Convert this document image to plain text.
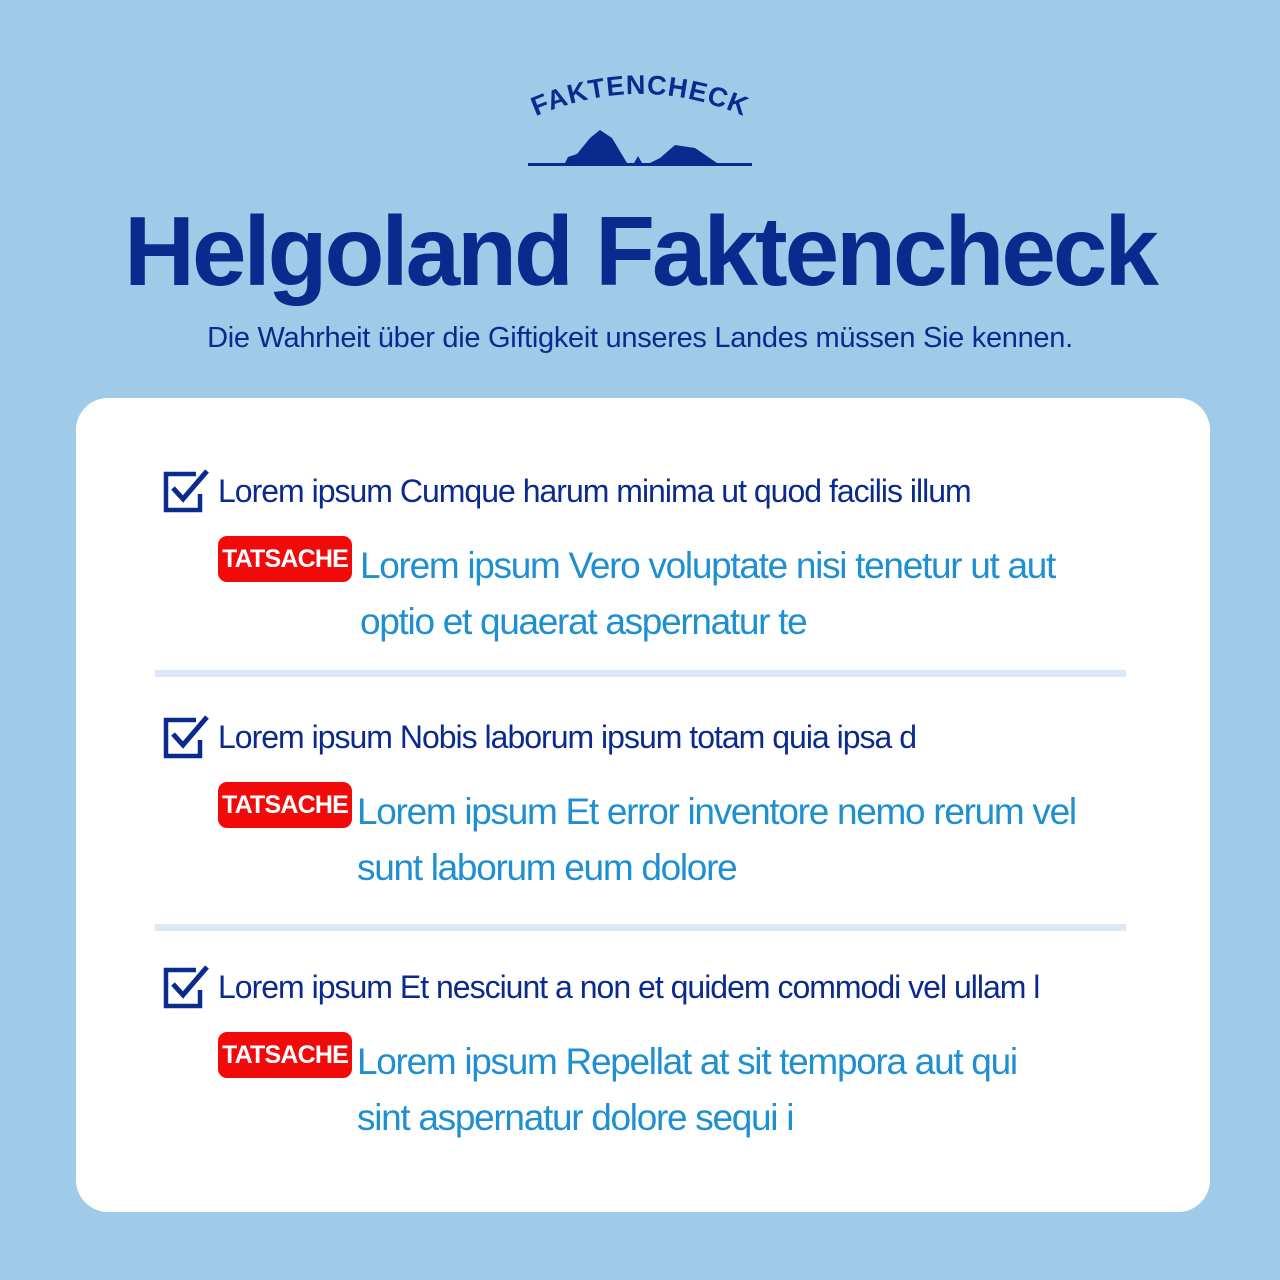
FAKTENCHECK
Helgoland Faktencheck
Die Wahrheit über die Giftigkeit unseres Landes müssen Sie kennen.
Lorem ipsum Cumque harum minima ut quod facilis illum
TATSACHE Lorem ipsum Vero voluptate nisi tenetur ut aut optio et quaerat aspernatur te
Lorem ipsum Nobis laborum ipsum totam quia ipsa d
TATSACHE Lorem ipsum Et error inventore nemo rerum vel sunt laborum eum dolore
Lorem ipsum Et nesciunt a non et quidem commodi vel ullam l
TATSACHE Lorem ipsum Repellat at sit tempora aut qui sint aspernatur dolore sequi i
